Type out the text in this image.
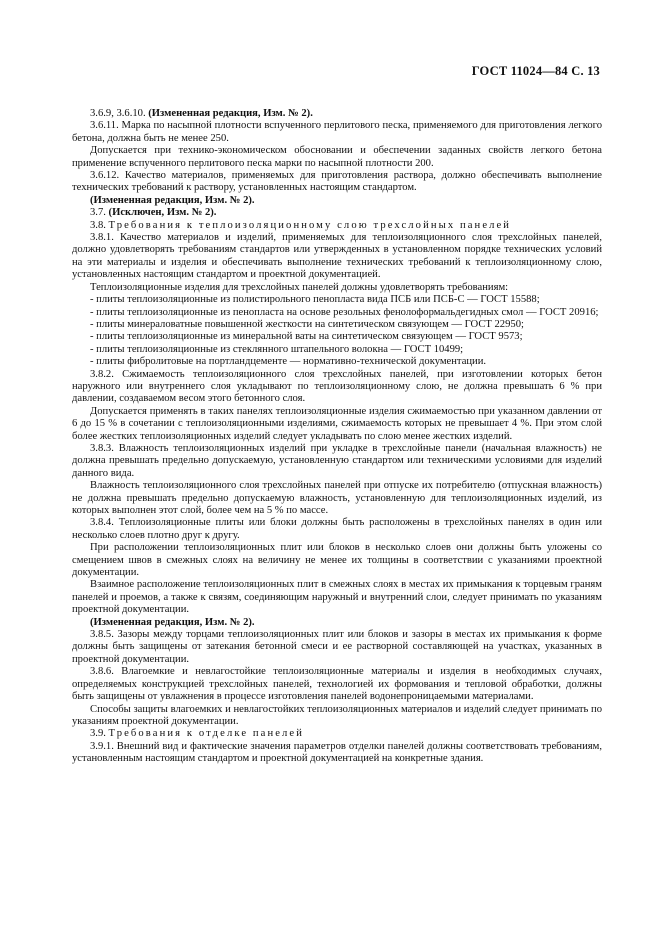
ГОСТ 11024—84 С. 13

3.6.9, 3.6.10. (Измененная редакция, Изм. № 2).

3.6.11. Марка по насыпной плотности вспученного перлитового песка, применяемого для приготовления легкого бетона, должна быть не менее 250.

Допускается при технико-экономическом обосновании и обеспечении заданных свойств легкого бетона применение вспученного перлитового песка марки по насыпной плотности 200.

3.6.12. Качество материалов, применяемых для приготовления раствора, должно обеспечивать выполнение технических требований к раствору, установленных настоящим стандартом.

(Измененная редакция, Изм. № 2).

3.7. (Исключен, Изм. № 2).

3.8. Требования к теплоизоляционному слою трехслойных панелей

3.8.1. Качество материалов и изделий, применяемых для теплоизоляционного слоя трехслойных панелей, должно удовлетворять требованиям стандартов или утвержденных в установленном порядке технических условий на эти материалы и изделия и обеспечивать выполнение технических требований к теплоизоляционному слою, установленных настоящим стандартом и проектной документацией.

Теплоизоляционные изделия для трехслойных панелей должны удовлетворять требованиям:

- плиты теплоизоляционные из полистирольного пенопласта вида ПСБ или ПСБ-С — ГОСТ 15588;

- плиты теплоизоляционные из пенопласта на основе резольных фенолоформальдегидных смол — ГОСТ 20916;

- плиты минераловатные повышенной жесткости на синтетическом связующем — ГОСТ 22950;

- плиты теплоизоляционные из минеральной ваты на синтетическом связующем — ГОСТ 9573;

- плиты теплоизоляционные из стеклянного штапельного волокна — ГОСТ 10499;

- плиты фибролитовые на портландцементе — нормативно-технической документации.

3.8.2. Сжимаемость теплоизоляционного слоя трехслойных панелей, при изготовлении которых бетон наружного или внутреннего слоя укладывают по теплоизоляционному слою, не должна превышать 6 % при давлении, создаваемом весом этого бетонного слоя.

Допускается применять в таких панелях теплоизоляционные изделия сжимаемостью при указанном давлении от 6 до 15 % в сочетании с теплоизоляционными изделиями, сжимаемость которых не превышает 4 %. При этом слой более жестких теплоизоляционных изделий следует укладывать по слою менее жестких изделий.

3.8.3. Влажность теплоизоляционных изделий при укладке в трехслойные панели (начальная влажность) не должна превышать предельно допускаемую, установленную стандартом или техническими условиями для изделий данного вида.

Влажность теплоизоляционного слоя трехслойных панелей при отпуске их потребителю (отпускная влажность) не должна превышать предельно допускаемую влажность, установленную для теплоизоляционных изделий, из которых выполнен этот слой, более чем на 5 % по массе.

3.8.4. Теплоизоляционные плиты или блоки должны быть расположены в трехслойных панелях в один или несколько слоев плотно друг к другу.

При расположении теплоизоляционных плит или блоков в несколько слоев они должны быть уложены со смещением швов в смежных слоях на величину не менее их толщины в соответствии с указаниями проектной документации.

Взаимное расположение теплоизоляционных плит в смежных слоях в местах их примыкания к торцевым граням панелей и проемов, а также к связям, соединяющим наружный и внутренний слои, следует принимать по указаниям проектной документации.

(Измененная редакция, Изм. № 2).

3.8.5. Зазоры между торцами теплоизоляционных плит или блоков и зазоры в местах их примыкания к форме должны быть защищены от затекания бетонной смеси и ее растворной составляющей на участках, указанных в проектной документации.

3.8.6. Влагоемкие и невлагостойкие теплоизоляционные материалы и изделия в необходимых случаях, определяемых конструкцией трехслойных панелей, технологией их формования и тепловой обработки, должны быть защищены от увлажнения в процессе изготовления панелей водонепроницаемыми материалами.

Способы защиты влагоемких и невлагостойких теплоизоляционных материалов и изделий следует принимать по указаниям проектной документации.

3.9. Требования к отделке панелей

3.9.1. Внешний вид и фактические значения параметров отделки панелей должны соответствовать требованиям, установленным настоящим стандартом и проектной документацией на конкретные здания.
